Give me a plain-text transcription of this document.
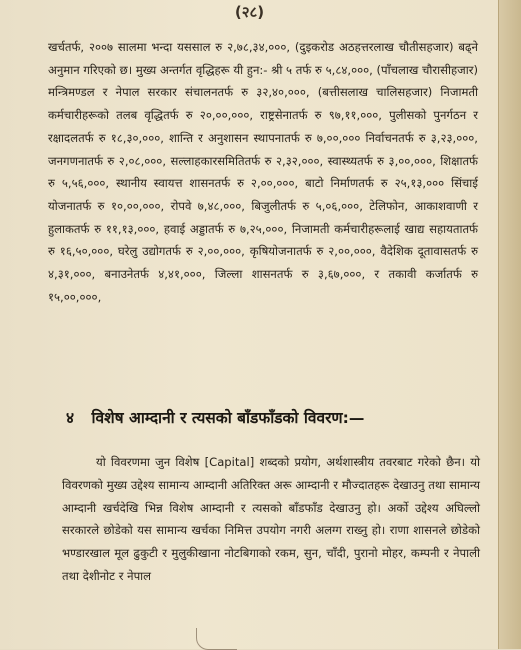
(२८)
खर्चतर्फ, २००७ सालमा भन्दा यससाल रु २,७८,३४,०००, (दुइकरोड अठहत्तरलाख चौतीसहजार) बढ्ने अनुमान गरिएको छ। मुख्य अन्तर्गत वृद्धिहरू यी हुन:- श्री ५ तर्फ रु ५,८४,०००, (पाँचलाख चौरासीहजार) मन्त्रिमण्डल र नेपाल सरकार संचालनतर्फ रु ३२,४०,०००, (बत्तीसलाख चालिसहजार) निजामती कर्मचारीहरूको तलब वृद्धितर्फ रु २०,००,०००, राष्ट्रसेनातर्फ रु ९७,११,०००, पुलीसको पुनर्गठन र रक्षादलतर्फ रु १८,३०,०००, शान्ति र अनुशासन स्थापनातर्फ रु ७,००,००० निर्वाचनतर्फ रु ३,२३,०००, जनगणनातर्फ रु २,०८,०००, सल्लाहकारसमितितर्फ रु २,३२,०००, स्वास्थ्यतर्फ रु ३,००,०००, शिक्षातर्फ रु ५,५६,०००, स्थानीय स्वायत्त शासनतर्फ रु २,००,०००, बाटो निर्माणतर्फ रु २५,१३,००० सिंचाई योजनातर्फ रु १०,००,०००, रोपवे ७,४८,०००, बिजुलीतर्फ रु ५,०६,०००, टेलिफोन, आकाशवाणी र हुलाकतर्फ रु ११,१३,०००, हवाई अड्डातर्फ रु ७,२५,०००, निजामती कर्मचारीहरूलाई खाद्य सहायतातर्फ रु १६,५०,०००, घरेलु उद्योगतर्फ रु २,००,०००, कृषियोजनातर्फ रु २,००,०००, वैदेशिक दूतावासतर्फ रु ४,३१,०००, बनाउनेतर्फ ४,४१,०००, जिल्ला शासनतर्फ रु ३,६७,०००, र तकावी कर्जातर्फ रु १५,००,०००,
४ विशेष आम्दानी र त्यसको बाँडफाँडको विवरण:—
यो विवरणमा जुन विशेष [Capital] शब्दको प्रयोग, अर्थशास्त्रीय तवरबाट गरेको छैन। यो विवरणको मुख्य उद्देश्य सामान्य आम्दानी अतिरिक्त अरू आम्दानी र मौज्दातहरू देखाउनु तथा सामान्य आम्दानी खर्चदेखि भिन्न विशेष आम्दानी र त्यसको बाँडफाँड देखाउनु हो। अर्को उद्देश्य अघिल्लो सरकारले छोडेको यस सामान्य खर्चका निमित्त उपयोग नगरी अलग्ग राख्नु हो। राणा शासनले छोडेको भण्डारखाल मूल ढुकुटी र मुलुकीखाना नोटबिगाको रकम, सुन, चाँदी, पुरानो मोहर, कम्पनी र नेपाली तथा देशीनोट र नेपाल
